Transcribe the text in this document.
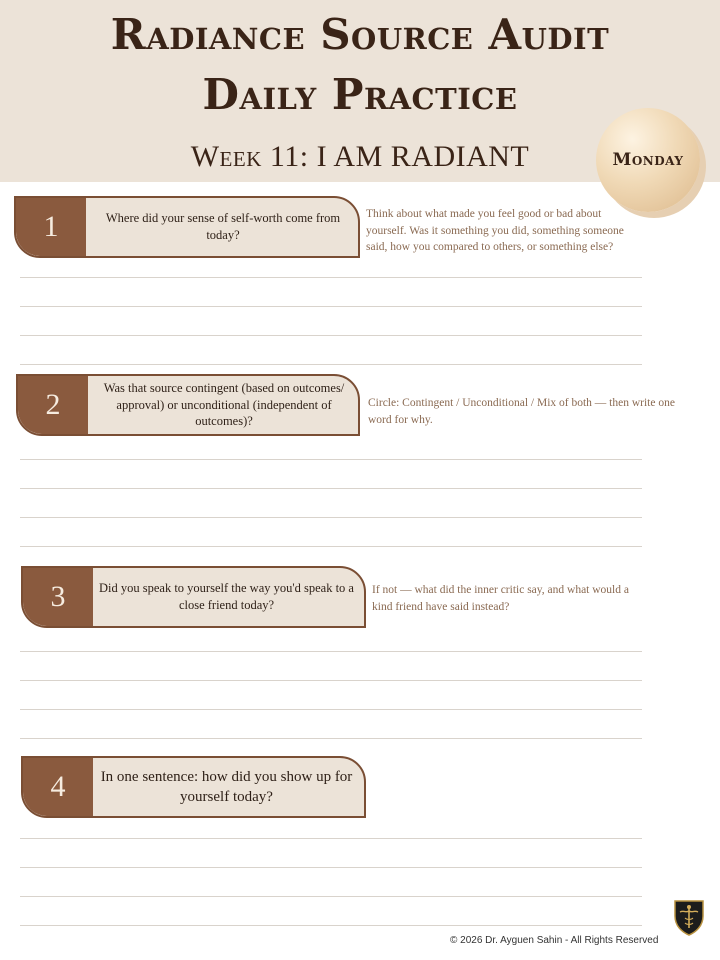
Radiance Source Audit
Daily Practice
Week 11: I AM RADIANT	Monday
1	Where did your sense of self-worth come from today?
Think about what made you feel good or bad about yourself. Was it something you did, something someone said, how you compared to others, or something else?
2
Was that source contingent (based on outcomes/ approval) or unconditional (independent of outcomes)?
Circle: Contingent / Unconditional / Mix of both — then write one word for why.
3	Did you speak to yourself the way you'd speak to a close friend today?
If not — what did the inner critic say, and what would a kind friend have said instead?
4	In one sentence: how did you show up for yourself today?
© 2026 Dr. Ayguen Sahin - All Rights Reserved
